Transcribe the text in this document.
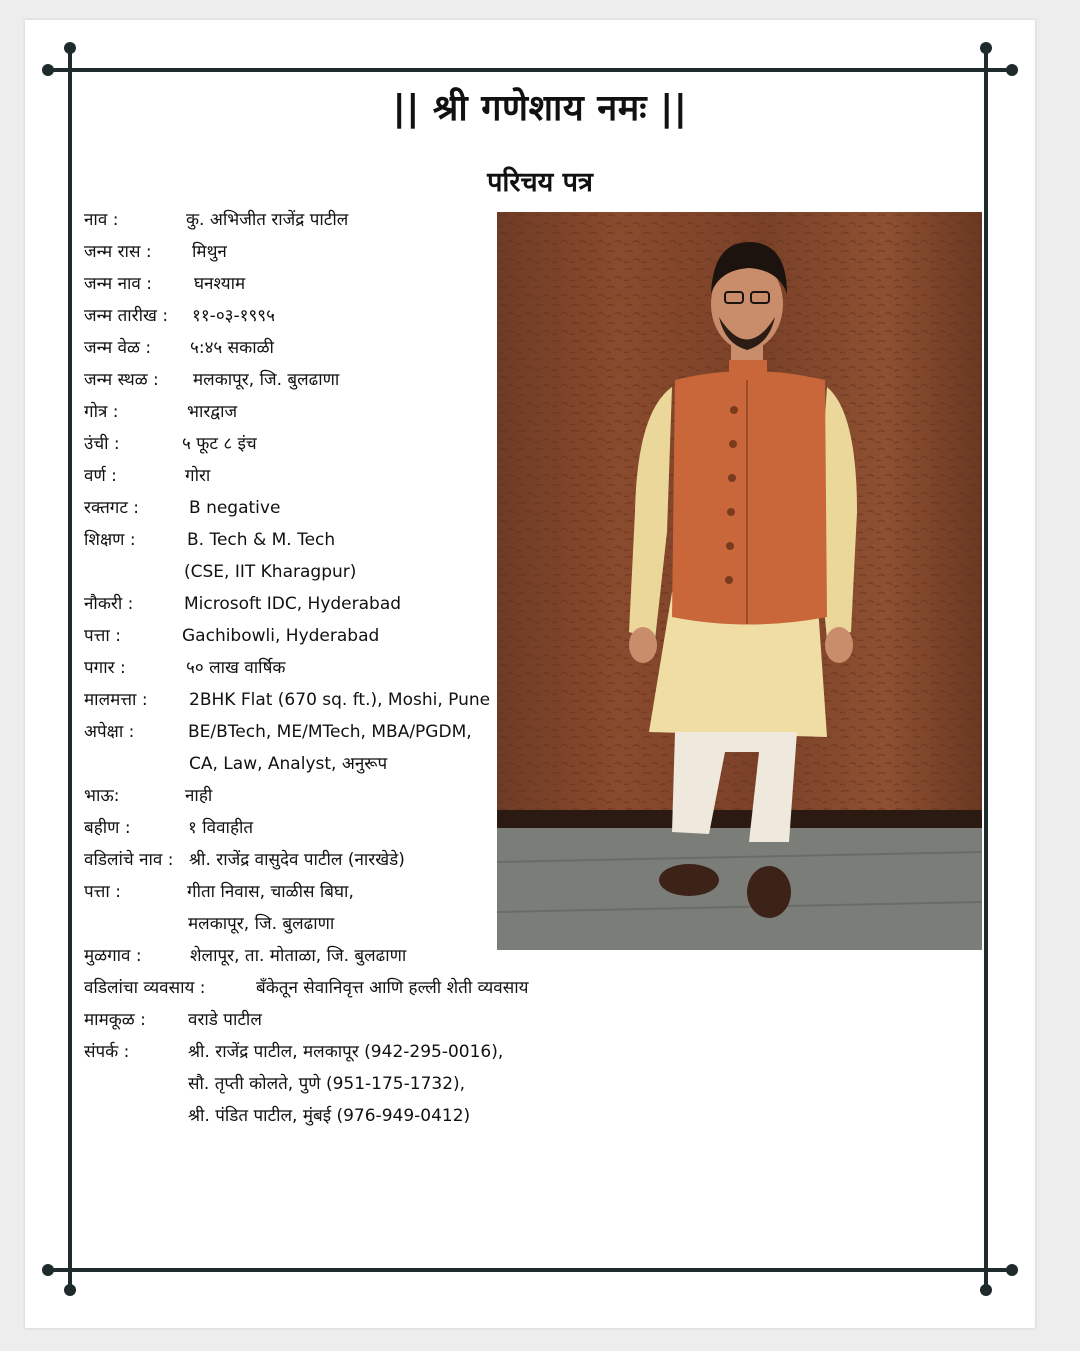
|| श्री गणेशाय नमः ||
परिचय पत्र
नाव :	कु. अभिजीत राजेंद्र पाटील
जन्म रास : मिथुन
जन्म नाव : घनश्याम
जन्म तारीख : ११-०३-१९९५
जन्म वेळ : ५:४५ सकाळी
जन्म स्थळ : मलकापूर, जि. बुलढाणा
गोत्र :	भारद्वाज
उंची :	५ फूट ८ इंच
वर्ण :	गोरा
रक्तगट :	B negative
शिक्षण :	B. Tech & M. Tech
(CSE, IIT Kharagpur)
नौकरी :	Microsoft IDC, Hyderabad
पत्ता :	Gachibowli, Hyderabad
पगार :	५० लाख वार्षिक
मालमत्ता : 2BHK Flat (670 sq. ft.), Moshi, Pune
अपेक्षा :	BE/BTech, ME/MTech, MBA/PGDM,
CA, Law, Analyst, अनुरूप
भाऊ:	नाही
बहीण :	१ विवाहीत
वडिलांचे नाव : श्री. राजेंद्र वासुदेव पाटील (नारखेडे)
पत्ता :	गीता निवास, चाळीस बिघा,
मलकापूर, जि. बुलढाणा
मुळगाव :	शेलापूर, ता. मोताळा, जि. बुलढाणा
वडिलांचा व्यवसाय :	बँकेतून सेवानिवृत्त आणि हल्ली शेती व्यवसाय
मामकूळ : वराडे पाटील
संपर्क :	श्री. राजेंद्र पाटील, मलकापूर (942-295-0016),
सौ. तृप्ती कोलते, पुणे (951-175-1732),
श्री. पंडित पाटील, मुंबई (976-949-0412)
